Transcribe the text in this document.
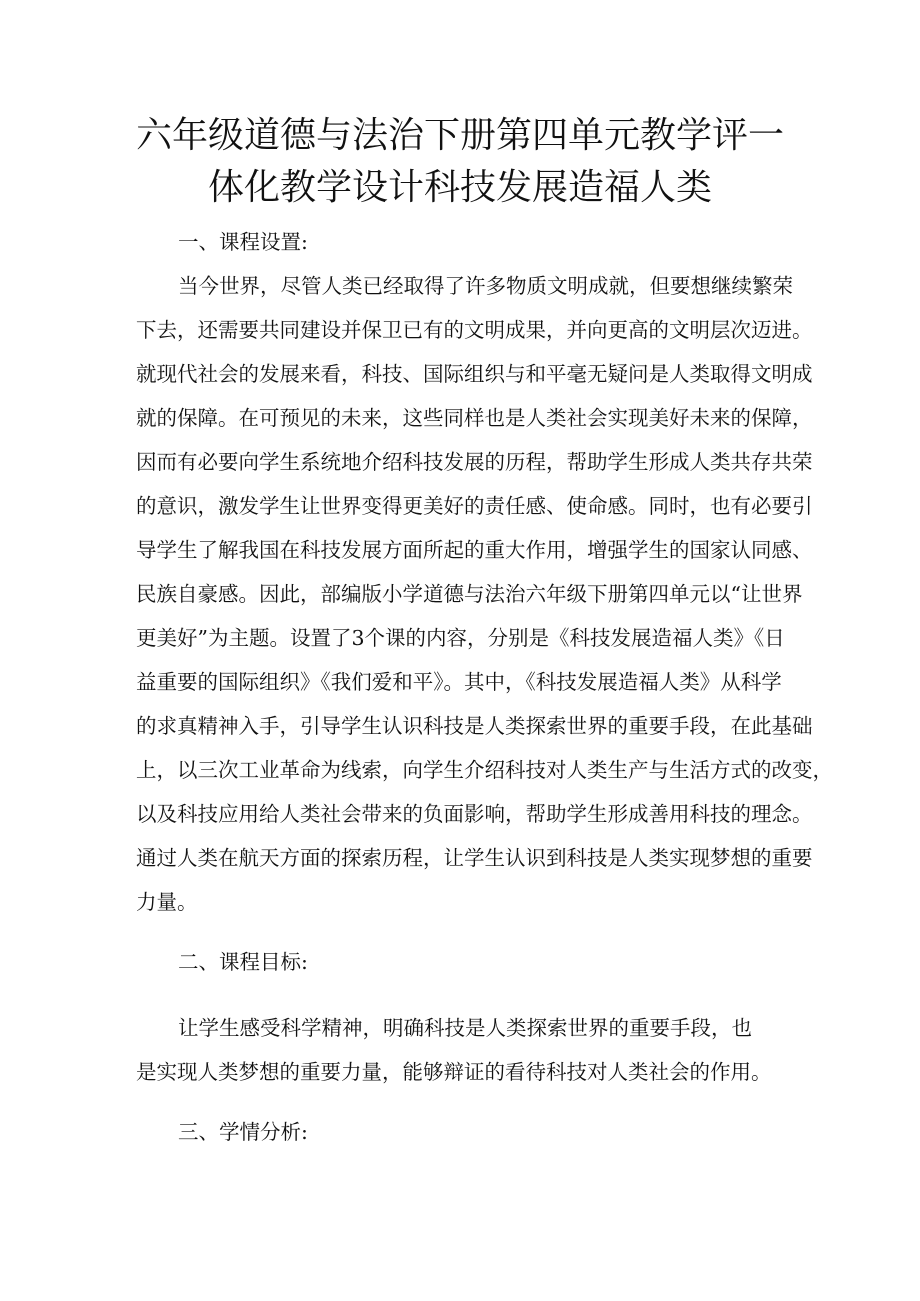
六年级道德与法治下册第四单元教学评一
体化教学设计科技发展造福人类
一、课程设置:
当今世界，尽管人类已经取得了许多物质文明成就，但要想继续繁荣
下去，还需要共同建设并保卫已有的文明成果，并向更高的文明层次迈进。
就现代社会的发展来看，科技、国际组织与和平毫无疑问是人类取得文明成
就的保障。在可预见的未来，这些同样也是人类社会实现美好未来的保障，
因而有必要向学生系统地介绍科技发展的历程，帮助学生形成人类共存共荣
的意识，激发学生让世界变得更美好的责任感、使命感。同时，也有必要引
导学生了解我国在科技发展方面所起的重大作用，增强学生的国家认同感、
民族自豪感。因此，部编版小学道德与法治六年级下册第四单元以“让世界
更美好”为主题。设置了3个课的内容，分别是《科技发展造福人类》《日
益重要的国际组织》《我们爱和平》。其中，《科技发展造福人类》从科学
的求真精神入手，引导学生认识科技是人类探索世界的重要手段，在此基础
上，以三次工业革命为线索，向学生介绍科技对人类生产与生活方式的改变，
以及科技应用给人类社会带来的负面影响，帮助学生形成善用科技的理念。
通过人类在航天方面的探索历程，让学生认识到科技是人类实现梦想的重要
力量。
二、课程目标:
让学生感受科学精神，明确科技是人类探索世界的重要手段，也
是实现人类梦想的重要力量，能够辩证的看待科技对人类社会的作用。
三、学情分析:
